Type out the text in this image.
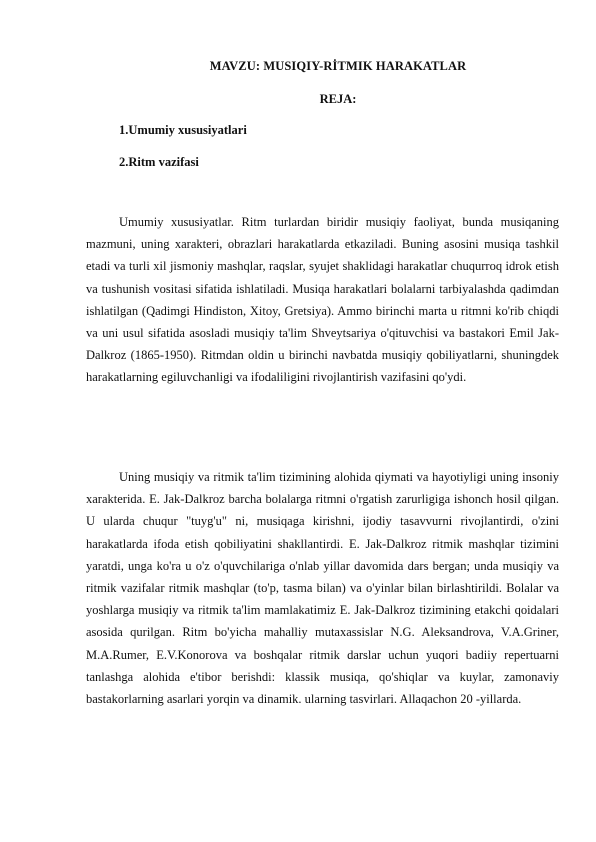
MAVZU: MUSIQIY-RİTMIK HARAKATLAR
REJA:
1.Umumiy xususiyatlari
2.Ritm vazifasi

Umumiy xususiyatlar. Ritm turlardan biridir musiqiy faoliyat, bunda musiqaning mazmuni, uning xarakteri, obrazlari harakatlarda etkaziladi. Buning asosini musiqa tashkil etadi va turli xil jismoniy mashqlar, raqslar, syujet shaklidagi harakatlar chuqurroq idrok etish va tushunish vositasi sifatida ishlatiladi. Musiqa harakatlari bolalarni tarbiyalashda qadimdan ishlatilgan (Qadimgi Hindiston, Xitoy, Gretsiya). Ammo birinchi marta u ritmni ko'rib chiqdi va uni usul sifatida asosladi musiqiy ta'lim Shveytsariya o'qituvchisi va bastakori Emil Jak-Dalkroz (1865-1950). Ritmdan oldin u birinchi navbatda musiqiy qobiliyatlarni, shuningdek harakatlarning egiluvchanligi va ifodaliligini rivojlantirish vazifasini qo'ydi.

Uning musiqiy va ritmik ta'lim tizimining alohida qiymati va hayotiyligi uning insoniy xarakterida. E. Jak-Dalkroz barcha bolalarga ritmni o'rgatish zarurligiga ishonch hosil qilgan. U ularda chuqur "tuyg'u" ni, musiqaga kirishni, ijodiy tasavvurni rivojlantirdi, o'zini harakatlarda ifoda etish qobiliyatini shakllantirdi. E. Jak-Dalkroz ritmik mashqlar tizimini yaratdi, unga ko'ra u o'z o'quvchilariga o'nlab yillar davomida dars bergan; unda musiqiy va ritmik vazifalar ritmik mashqlar (to'p, tasma bilan) va o'yinlar bilan birlashtirildi. Bolalar va yoshlarga musiqiy va ritmik ta'lim mamlakatimiz E. Jak-Dalkroz tizimining etakchi qoidalari asosida qurilgan. Ritm bo'yicha mahalliy mutaxassislar N.G. Aleksandrova, V.A.Griner, M.A.Rumer, E.V.Konorova va boshqalar ritmik darslar uchun yuqori badiiy repertuarni tanlashga alohida e'tibor berishdi: klassik musiqa, qo'shiqlar va kuylar, zamonaviy bastakorlarning asarlari yorqin va dinamik. ularning tasvirlari. Allaqachon 20 -yillarda.
